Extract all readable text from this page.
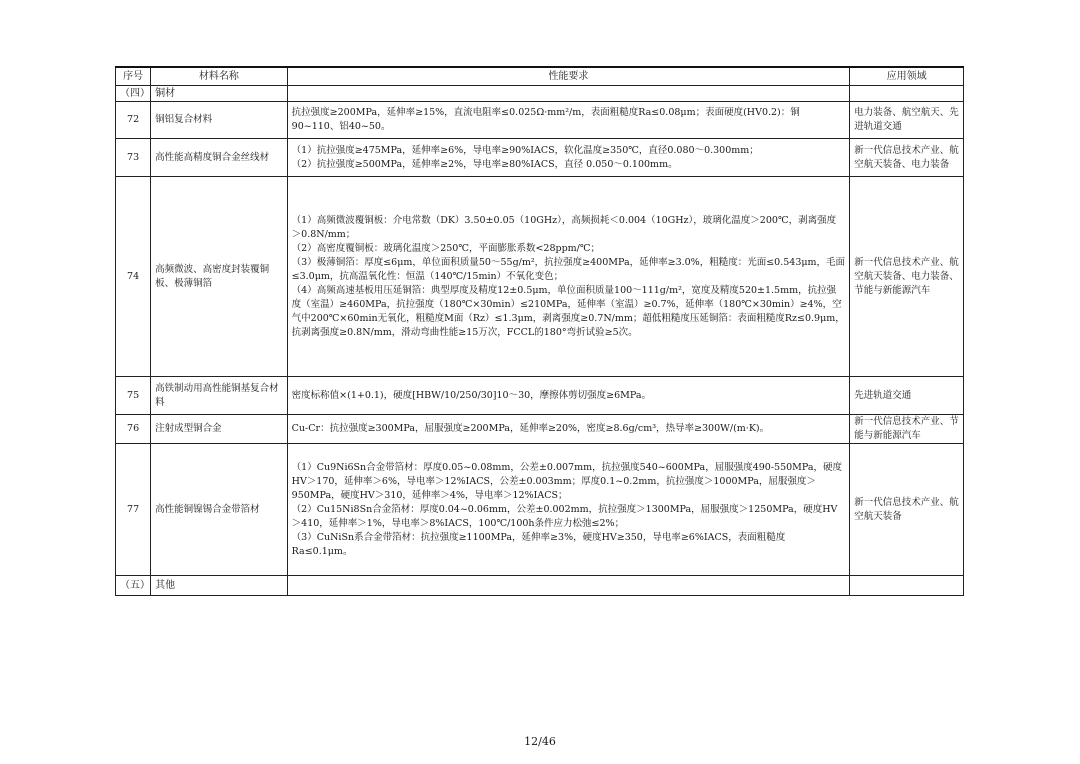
序号	材料名称	性能要求	应用领域
（四）	铜材		
72	铜铝复合材料	抗拉强度≥200MPa，延伸率≥15%，直流电阻率≤0.025Ω·mm²/m，表面粗糙度Ra≤0.08μm；表面硬度(HV0.2)：铜90~110、铝40~50。	电力装备、航空航天、先进轨道交通
73	高性能高精度铜合金丝线材	（1）抗拉强度≥475MPa，延伸率≥6%，导电率≥90%IACS，软化温度≥350℃，直径0.080～0.300mm；
（2）抗拉强度≥500MPa，延伸率≥2%，导电率≥80%IACS，直径 0.050～0.100mm。	新一代信息技术产业、航空航天装备、电力装备
74	高频微波、高密度封装覆铜板、极薄铜箔	（1）高频微波覆铜板：介电常数（DK）3.50±0.05（10GHz），高频损耗＜0.004（10GHz），玻璃化温度＞200℃，剥离强度＞0.8N/mm；
（2）高密度覆铜板：玻璃化温度＞250℃，平面膨胀系数<28ppm/℃；
（3）极薄铜箔：厚度≤6μm，单位面积质量50～55g/m²，抗拉强度≥400MPa，延伸率≥3.0%，粗糙度：光面≤0.543μm，毛面≤3.0μm，抗高温氧化性：恒温（140℃/15min）不氧化变色；
（4）高频高速基板用压延铜箔：典型厚度及精度12±0.5μm，单位面积质量100～111g/m²，宽度及精度520±1.5mm，抗拉强度（室温）≥460MPa，抗拉强度（180℃×30min）≤210MPa，延伸率（室温）≥0.7%，延伸率（180℃×30min）≥4%，空气中200℃×60min无氧化，粗糙度M面（Rz）≤1.3μm，剥离强度≥0.7N/mm；超低粗糙度压延铜箔：表面粗糙度Rz≤0.9μm，抗剥离强度≥0.8N/mm，滑动弯曲性能≥15万次，FCCL的180°弯折试验≥5次。	新一代信息技术产业、航空航天装备、电力装备、节能与新能源汽车
75	高铁制动用高性能铜基复合材料	密度标称值×(1+0.1)，硬度[HBW/10/250/30]10～30，摩擦体剪切强度≥6MPa。	先进轨道交通
76	注射成型铜合金	Cu-Cr：抗拉强度≥300MPa，屈服强度≥200MPa，延伸率≥20%，密度≥8.6g/cm³，热导率≥300W/(m·K)。	新一代信息技术产业、节能与新能源汽车
77	高性能铜镍锡合金带箔材	（1）Cu9Ni6Sn合金带箔材：厚度0.05~0.08mm，公差±0.007mm，抗拉强度540~600MPa，屈服强度490-550MPa，硬度HV＞170，延伸率＞6%，导电率＞12%IACS，公差±0.003mm；厚度0.1~0.2mm，抗拉强度＞1000MPa，屈服强度＞950MPa，硬度HV＞310，延伸率＞4%，导电率＞12%IACS；
（2）Cu15Ni8Sn合金箔材：厚度0.04~0.06mm，公差±0.002mm，抗拉强度＞1300MPa，屈服强度＞1250MPa，硬度HV＞410，延伸率＞1%，导电率＞8%IACS，100℃/100h条件应力松弛≤2%；
（3）CuNiSn系合金带箔材：抗拉强度≥1100MPa，延伸率≥3%，硬度HV≥350，导电率≥6%IACS，表面粗糙度Ra≤0.1μm。	新一代信息技术产业、航空航天装备
（五）	其他		
12/46
